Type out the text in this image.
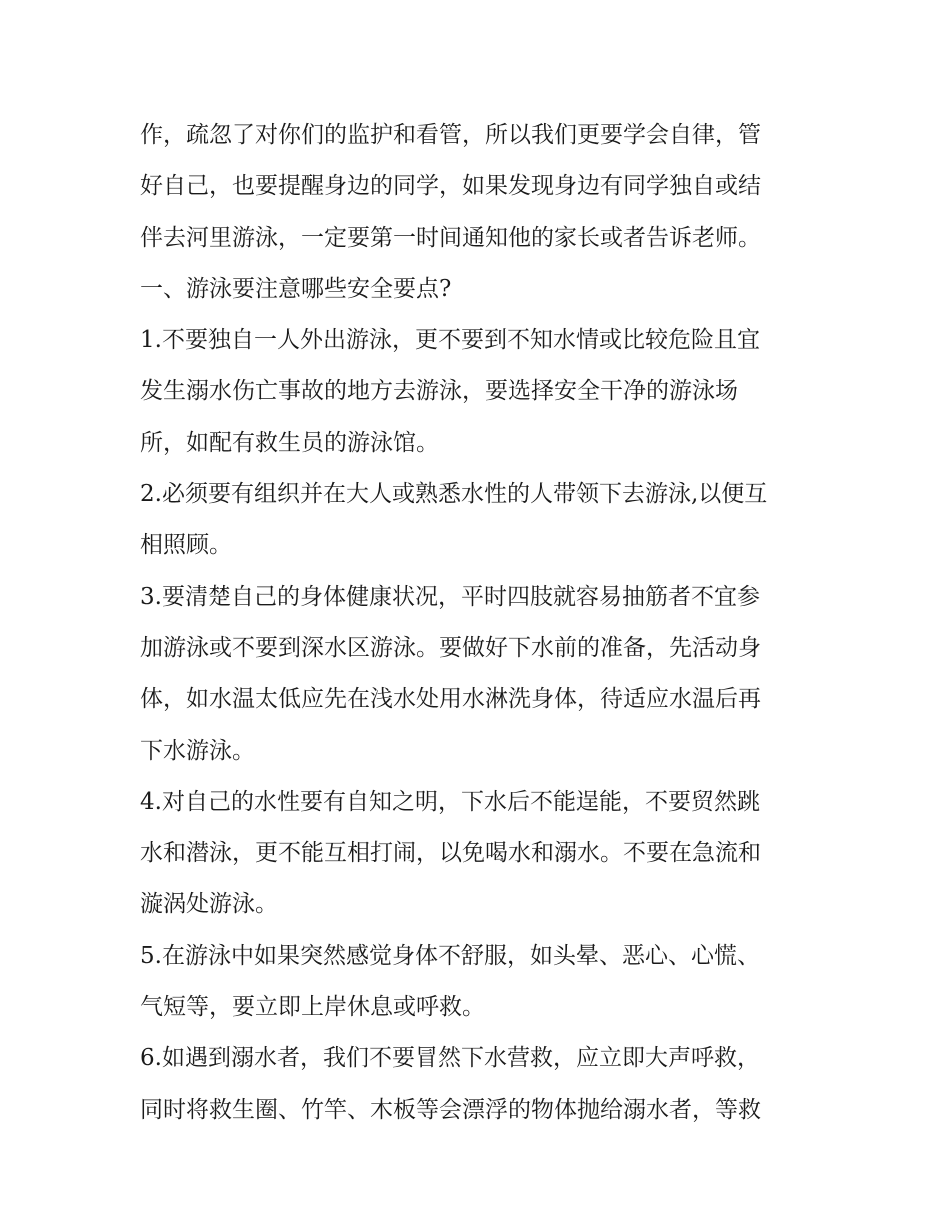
作，疏忽了对你们的监护和看管，所以我们更要学会自律，管
好自己，也要提醒身边的同学，如果发现身边有同学独自或结
伴去河里游泳，一定要第一时间通知他的家长或者告诉老师。

一、游泳要注意哪些安全要点?

1.不要独自一人外出游泳，更不要到不知水情或比较危险且宜
发生溺水伤亡事故的地方去游泳，要选择安全干净的游泳场
所，如配有救生员的游泳馆。

2.必须要有组织并在大人或熟悉水性的人带领下去游泳,以便互
相照顾。

3.要清楚自己的身体健康状况，平时四肢就容易抽筋者不宜参
加游泳或不要到深水区游泳。要做好下水前的准备，先活动身
体，如水温太低应先在浅水处用水淋洗身体，待适应水温后再
下水游泳。

4.对自己的水性要有自知之明，下水后不能逞能，不要贸然跳
水和潜泳，更不能互相打闹，以免喝水和溺水。不要在急流和
漩涡处游泳。

5.在游泳中如果突然感觉身体不舒服，如头晕、恶心、心慌、
气短等，要立即上岸休息或呼救。

6.如遇到溺水者，我们不要冒然下水营救，应立即大声呼救，
同时将救生圈、竹竿、木板等会漂浮的物体抛给溺水者，等救
